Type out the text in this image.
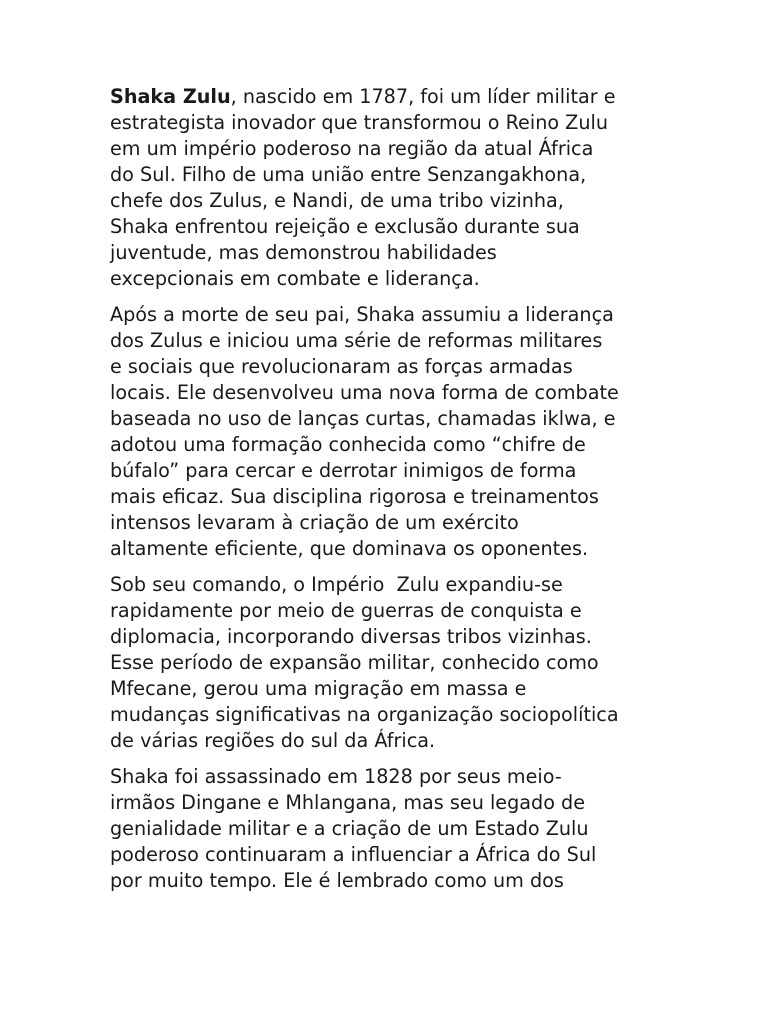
Shaka Zulu, nascido em 1787, foi um líder militar e
estrategista inovador que transformou o Reino Zulu
em um império poderoso na região da atual África
do Sul. Filho de uma união entre Senzangakhona,
chefe dos Zulus, e Nandi, de uma tribo vizinha,
Shaka enfrentou rejeição e exclusão durante sua
juventude, mas demonstrou habilidades
excepcionais em combate e liderança.

Após a morte de seu pai, Shaka assumiu a liderança
dos Zulus e iniciou uma série de reformas militares
e sociais que revolucionaram as forças armadas
locais. Ele desenvolveu uma nova forma de combate
baseada no uso de lanças curtas, chamadas iklwa, e
adotou uma formação conhecida como “chifre de
búfalo” para cercar e derrotar inimigos de forma
mais eficaz. Sua disciplina rigorosa e treinamentos
intensos levaram à criação de um exército
altamente eficiente, que dominava os oponentes.

Sob seu comando, o Império  Zulu expandiu-se
rapidamente por meio de guerras de conquista e
diplomacia, incorporando diversas tribos vizinhas.
Esse período de expansão militar, conhecido como
Mfecane, gerou uma migração em massa e
mudanças significativas na organização sociopolítica
de várias regiões do sul da África.

Shaka foi assassinado em 1828 por seus meio-
irmãos Dingane e Mhlangana, mas seu legado de
genialidade militar e a criação de um Estado Zulu
poderoso continuaram a influenciar a África do Sul
por muito tempo. Ele é lembrado como um dos
